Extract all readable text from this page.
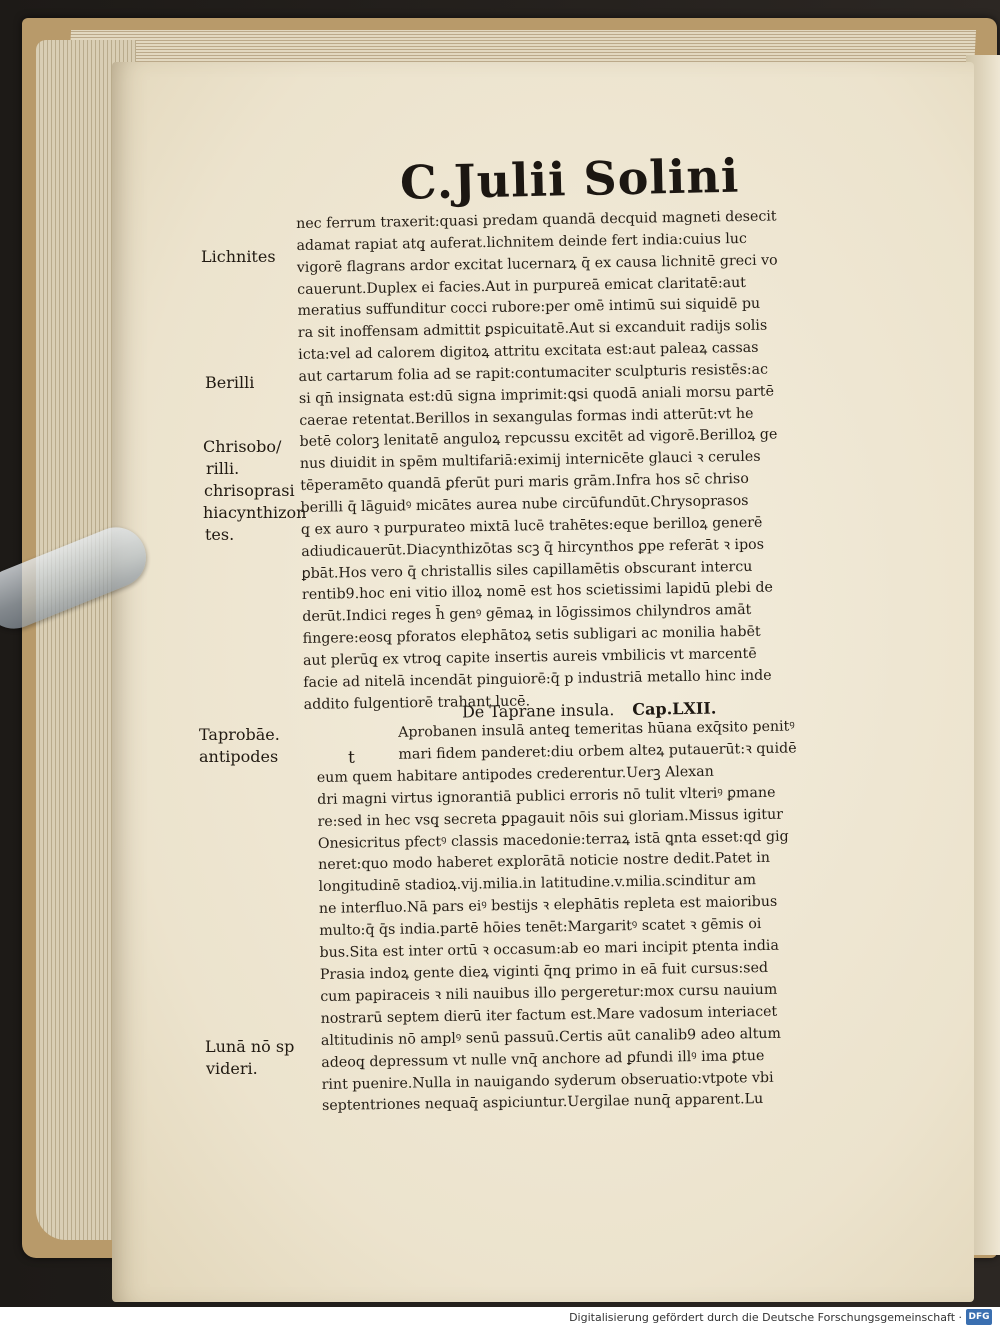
C.Julii Solini
Lichnites
Berilli
Chrisobo/
rilli.
chrisoprasi
hiacynthizon
tes.
Taprobāe.
antipodes
Lunā nō sp
videri.
nec ferrum traxerit:quasi predam quandā decquid magneti desecit
adamat rapiat atq̧ auferat.lichnitem deinde fert india:cuius luc
vigorē flagrans ardor excitat lucernarꝝ q̄ ex causa lichnitē greci vo
cauerunt.Duplex ei facies.Aut in purpureā emicat claritatē:aut
meratius suffunditur cocci rubore:per omē intimū sui siquidē pu
ra sit inoffensam admittit ꝑspicuitatē.Aut si excanduit radijs solis
icta:vel ad calorem digitoꝝ attritu excitata est:aut paleaꝝ cassas
aut cartarum folia ad se rapit:contumaciter sculpturis resistēs:ac
si qn̄ insignata est:dū signa imprimit:ꝗsi quodā aniali morsu partē
caerae retentat.Berillos in sexangulas formas indi atterūt:vt he
betē colorꝫ lenitatē anguloꝝ repcussu excitēt ad vigorē.Berilloꝝ ge
nus diuidit in spēm multifariā:eximij internicēte glauci ꝛ cerules
tēperamēto quandā ꝑferūt puri maris grām.Infra hos sc̄ chriso
berilli q̄ lāguidꝰ micātes aurea nube circūfundūt.Chrysoprasos
q̧ ex auro ꝛ purpurateo mixtā lucē trahētes:eque berilloꝝ generē
adiudicauerūt.Diacynthizōtas scꝫ q̄ hircynthos ꝑpe referāt ꝛ ipos
ꝑbāt.Hos vero q̄ christallis siles capillamētis obscurant intercu
rentib9.hoc eni vitio illoꝝ nomē est hos scietissimi lapidū plebi de
derūt.Indici reges h̄ genꝰ gēmaꝝ in lōgissimos chilyndros amāt
fingere:eosq̧ pforatos elephātoꝝ setis subligari ac monilia habēt
aut plerūq̧ ex vtroq̧ capite insertis aureis vmbilicis vt marcentē
facie ad nitelā incendāt pinguiorē:q̄ p industriā metallo hinc inde
addito fulgentiorē trahant lucē.
De Taprane insula. Cap.LXII.
t
Aprobanen insulā anteq̧ temeritas hūana exq̄sito penitꝰ
mari fidem panderet:diu orbem alteꝝ putauerūt:ꝛ quidē
eum quem habitare antipodes crederentur.Uerꝫ Alexan
dri magni virtus ignorantiā publici erroris nō tulit vlteriꝰ ꝑmane
re:sed in hec vsq̧ secreta ꝑpagauit nōis sui gloriam.Missus igitur
Onesicritus pfectꝰ classis macedonie:terraꝝ istā ꝗnta esset:qd gig
neret:quo modo haberet explorātā noticie nostre dedit.Patet in
longitudinē stadioꝝ.vij.milia.in latitudine.v.milia.scinditur am
ne interfluo.Nā pars eiꝰ bestijs ꝛ elephātis repleta est maioribus
multo:q̄ q̄s india.partē hōies tenēt:Margaritꝰ scatet ꝛ gēmis oi
bus.Sita est inter ortū ꝛ occasum:ab eo mari incipit ptenta india
Prasia indoꝝ gente dieꝝ viginti q̄nq̧ primo in eā fuit cursus:sed
cum papiraceis ꝛ nili nauibus illo pergeretur:mox cursu nauium
nostrarū septem dierū iter factum est.Mare vadosum interiacet
altitudinis nō amplꝰ senū passuū.Certis aūt canalib9 adeo altum
adeoq̧ depressum vt nulle vnq̄ anchore ad ꝑfundi illꝰ ima ꝑtue
rint puenire.Nulla in nauigando syderum obseruatio:vtpote vbi
septentriones nequaq̄ aspiciuntur.Uergilae nunq̄ apparent.Lu
Digitalisierung gefördert durch die Deutsche Forschungsgemeinschaft · DFG
